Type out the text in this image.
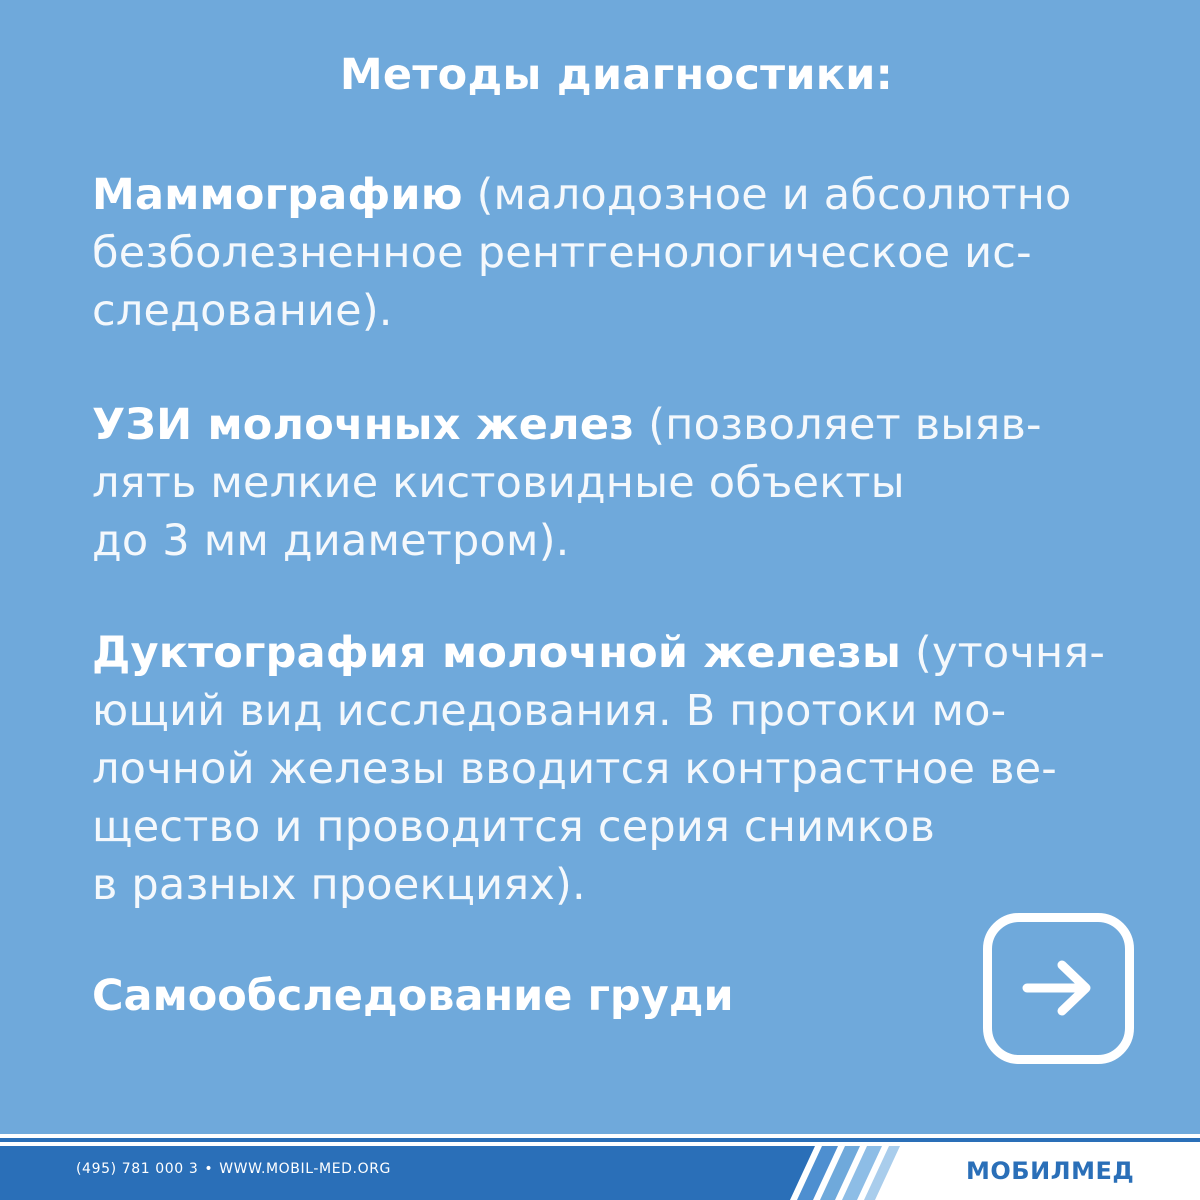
Методы диагностики:
Маммографию (малодозное и абсолютно
безболезненное рентгенологическое ис-
следование).
УЗИ молочных желез (позволяет выяв-
лять мелкие кистовидные объекты
до 3 мм диаметром).
Дуктография молочной железы (уточня-
ющий вид исследования. В протоки мо-
лочной железы вводится контрастное ве-
щество и проводится серия снимков
в разных проекциях).
Самообследование груди
(495) 781 000 3 • WWW.MOBIL-MED.ORG	МОБИЛМЕД
